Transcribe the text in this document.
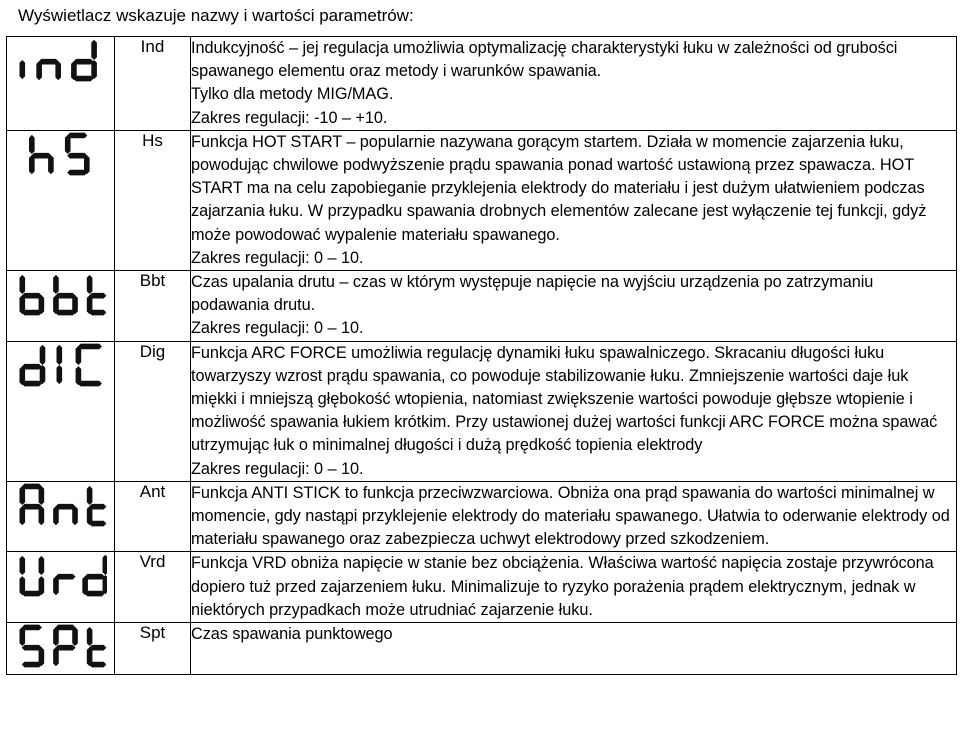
Wyświetlacz wskazuje nazwy i wartości parametrów:
	Ind	Indukcyjność – jej regulacja umożliwia optymalizację charakterystyki łuku w zależności od grubości spawanego elementu oraz metody i warunków spawania.

Tylko dla metody MIG/MAG.

Zakres regulacji: -10 – +10.

	Hs	Funkcja HOT START – popularnie nazywana gorącym startem. Działa w momencie zajarzenia łuku, powodując chwilowe podwyższenie prądu spawania ponad wartość ustawioną przez spawacza. HOT START ma na celu zapobieganie przyklejenia elektrody do materiału i jest dużym ułatwieniem podczas zajarzania łuku. W przypadku spawania drobnych elementów zalecane jest wyłączenie tej funkcji, gdyż może powodować wypalenie materiału spawanego.

Zakres regulacji: 0 – 10.

	Bbt	Czas upalania drutu – czas w którym występuje napięcie na wyjściu urządzenia po zatrzymaniu podawania drutu.

Zakres regulacji: 0 – 10.

	Dig	Funkcja ARC FORCE umożliwia regulację dynamiki łuku spawalniczego. Skracaniu długości łuku towarzyszy wzrost prądu spawania, co powoduje stabilizowanie łuku. Zmniejszenie wartości daje łuk miękki i mniejszą głębokość wtopienia, natomiast zwiększenie wartości powoduje głębsze wtopienie i możliwość spawania łukiem krótkim. Przy ustawionej dużej wartości funkcji ARC FORCE można spawać utrzymując łuk o minimalnej długości i dużą prędkość topienia elektrody

Zakres regulacji: 0 – 10.

	Ant	Funkcja ANTI STICK to funkcja przeciwzwarciowa. Obniża ona prąd spawania do wartości minimalnej w momencie, gdy nastąpi przyklejenie elektrody do materiału spawanego. Ułatwia to oderwanie elektrody od materiału spawanego oraz zabezpiecza uchwyt elektrodowy przed szkodzeniem.

	Vrd	Funkcja VRD obniża napięcie w stanie bez obciążenia. Właściwa wartość napięcia zostaje przywrócona dopiero tuż przed zajarzeniem łuku. Minimalizuje to ryzyko porażenia prądem elektrycznym, jednak w niektórych przypadkach może utrudniać zajarzenie łuku.

	Spt	Czas spawania punktowego
